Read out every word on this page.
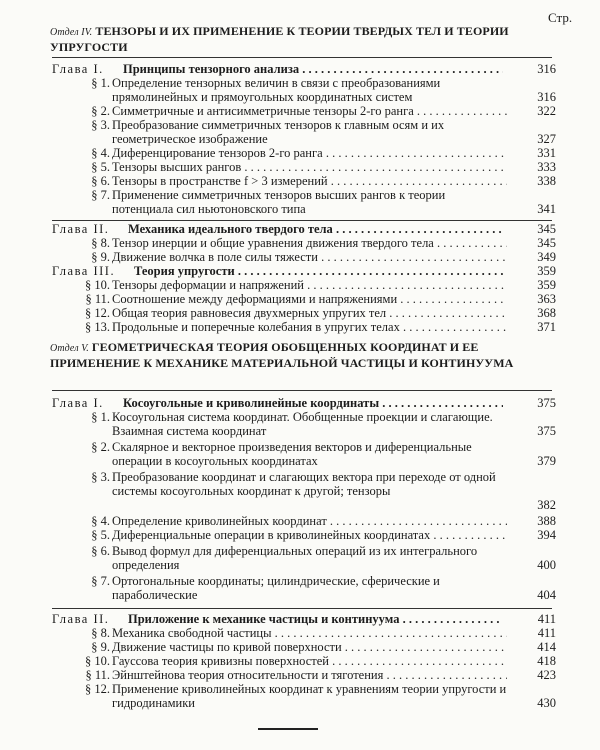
Стр.
Отдел IV. ТЕНЗОРЫ И ИХ ПРИМЕНЕНИЕ К ТЕОРИИ ТВЕРДЫХ ТЕЛ И ТЕОРИИ УПРУГОСТИ
Глава I. Принципы тензорного анализа . . .	316
§ 1. Определение тензорных величин в связи с преобразованиями прямолинейных и прямоугольных координатных систем	316
§ 2. Симметричные и антисимметричные тензоры 2-го ранга . . .	322
§ 3. Преобразование симметричных тензоров к главным осям и их геометрическое изображение	327
§ 4. Диференцирование тензоров 2-го ранга . . .	331
§ 5. Тензоры высших рангов . . .	333
§ 6. Тензоры в пространстве f > 3 измерений . . .	338
§ 7. Применение симметричных тензоров высших рангов к теории потенциала сил ньютоновского типа	341
Глава II. Механика идеального твердого тела . . .	345
§ 8. Тензор инерции и общие уравнения движения твердого тела . . .	345
§ 9. Движение волчка в поле силы тяжести . . .	349
Глава III. Теория упругости . . .	359
§ 10. Тензоры деформации и напряжений . . .	359
§ 11. Соотношение между деформациями и напряжениями . . .	363
§ 12. Общая теория равновесия двухмерных упругих тел . . .	368
§ 13. Продольные и поперечные колебания в упругих телах . . .	371
Отдел V. ГЕОМЕТРИЧЕСКАЯ ТЕОРИЯ ОБОБЩЕННЫХ КООРДИНАТ И ЕЕ ПРИМЕНЕНИЕ К МЕХАНИКЕ МАТЕРИАЛЬНОЙ ЧАСТИЦЫ И КОНТИНУУМА
Глава I. Косоугольные и криволинейные координаты . . .	375
§ 1. Косоугольная система координат. Обобщенные проекции и слагающие. Взаимная система координат	375
§ 2. Скалярное и векторное произведения векторов и диференциальные операции в косоугольных координатах	379
§ 3. Преобразование координат и слагающих вектора при переходе от одной системы косоугольных координат к другой; тензоры
382
§ 4. Определение криволинейных координат . . .	388
§ 5. Диференциальные операции в криволинейных координатах . . .	394
§ 6. Вывод формул для диференциальных операций из их интегрального определения	400
§ 7. Ортогональные координаты; цилиндрические, сферические и параболические	404
Глава II. Приложение к механике частицы и континуума . . .	411
§ 8. Механика свободной частицы . . .	411
§ 9. Движение частицы по кривой поверхности . . .	414
§ 10. Гауссова теория кривизны поверхностей . . .	418
§ 11. Эйнштейнова теория относительности и тяготения . . .	423
§ 12. Применение криволинейных координат к уравнениям теории упругости и гидродинамики	430
